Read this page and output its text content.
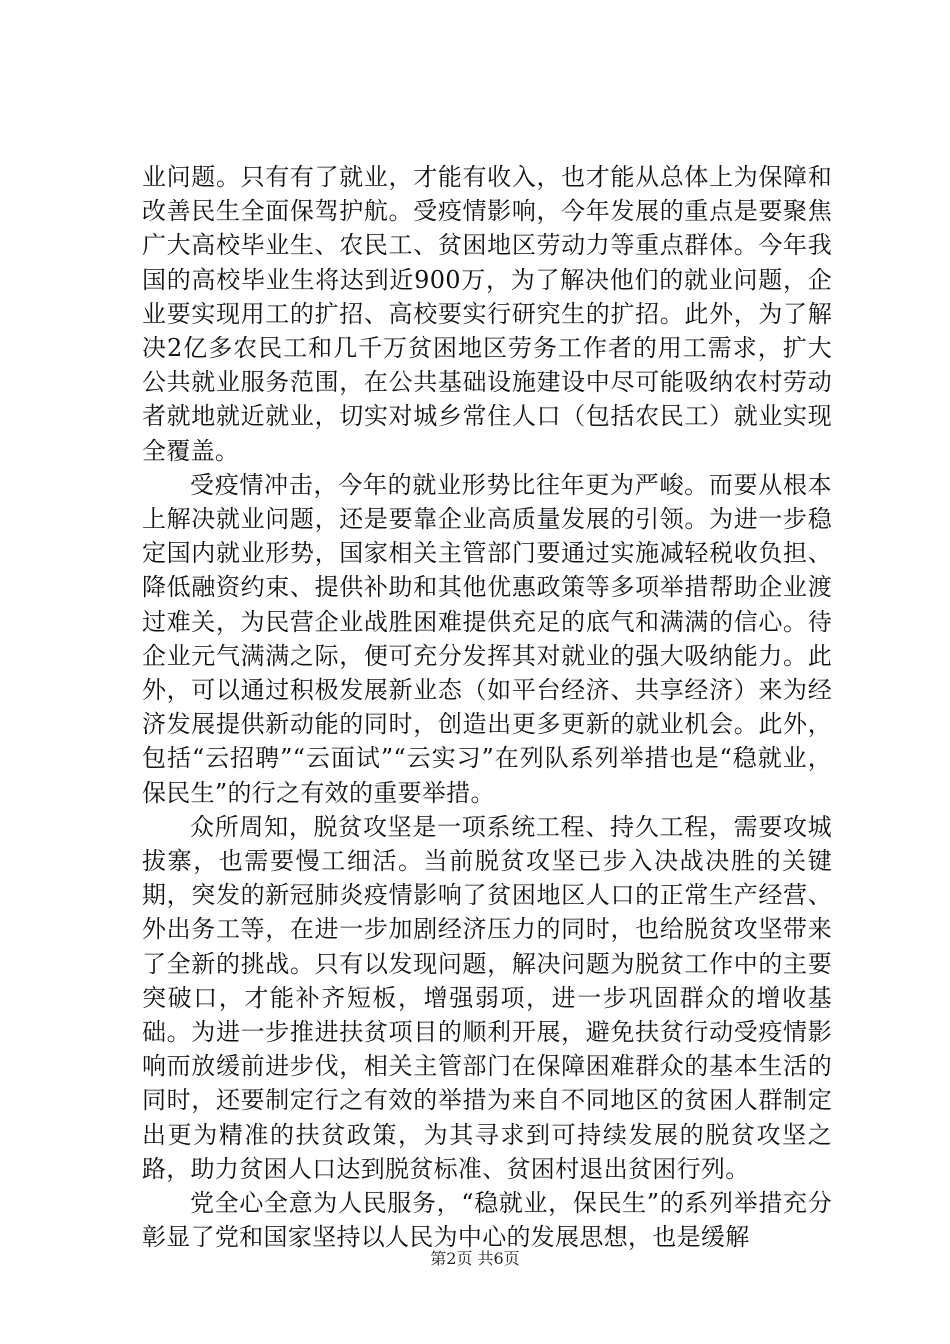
业问题。只有有了就业，才能有收入，也才能从总体上为保障和改善民生全面保驾护航。受疫情影响，今年发展的重点是要聚焦广大高校毕业生、农民工、贫困地区劳动力等重点群体。今年我国的高校毕业生将达到近900万，为了解决他们的就业问题，企业要实现用工的扩招、高校要实行研究生的扩招。此外，为了解决2亿多农民工和几千万贫困地区劳务工作者的用工需求，扩大公共就业服务范围，在公共基础设施建设中尽可能吸纳农村劳动者就地就近就业，切实对城乡常住人口（包括农民工）就业实现全覆盖。

受疫情冲击，今年的就业形势比往年更为严峻。而要从根本上解决就业问题，还是要靠企业高质量发展的引领。为进一步稳定国内就业形势，国家相关主管部门要通过实施减轻税收负担、降低融资约束、提供补助和其他优惠政策等多项举措帮助企业渡过难关，为民营企业战胜困难提供充足的底气和满满的信心。待企业元气满满之际，便可充分发挥其对就业的强大吸纳能力。此外，可以通过积极发展新业态（如平台经济、共享经济）来为经济发展提供新动能的同时，创造出更多更新的就业机会。此外，包括“云招聘”“云面试”“云实习”在列队系列举措也是“稳就业，保民生”的行之有效的重要举措。

众所周知，脱贫攻坚是一项系统工程、持久工程，需要攻城拔寨，也需要慢工细活。当前脱贫攻坚已步入决战决胜的关键期，突发的新冠肺炎疫情影响了贫困地区人口的正常生产经营、外出务工等，在进一步加剧经济压力的同时，也给脱贫攻坚带来了全新的挑战。只有以发现问题，解决问题为脱贫工作中的主要突破口，才能补齐短板，增强弱项，进一步巩固群众的增收基础。为进一步推进扶贫项目的顺利开展，避免扶贫行动受疫情影响而放缓前进步伐，相关主管部门在保障困难群众的基本生活的同时，还要制定行之有效的举措为来自不同地区的贫困人群制定出更为精准的扶贫政策，为其寻求到可持续发展的脱贫攻坚之路，助力贫困人口达到脱贫标准、贫困村退出贫困行列。

党全心全意为人民服务，“稳就业，保民生”的系列举措充分彰显了党和国家坚持以人民为中心的发展思想，也是缓解

第2页 共6页
